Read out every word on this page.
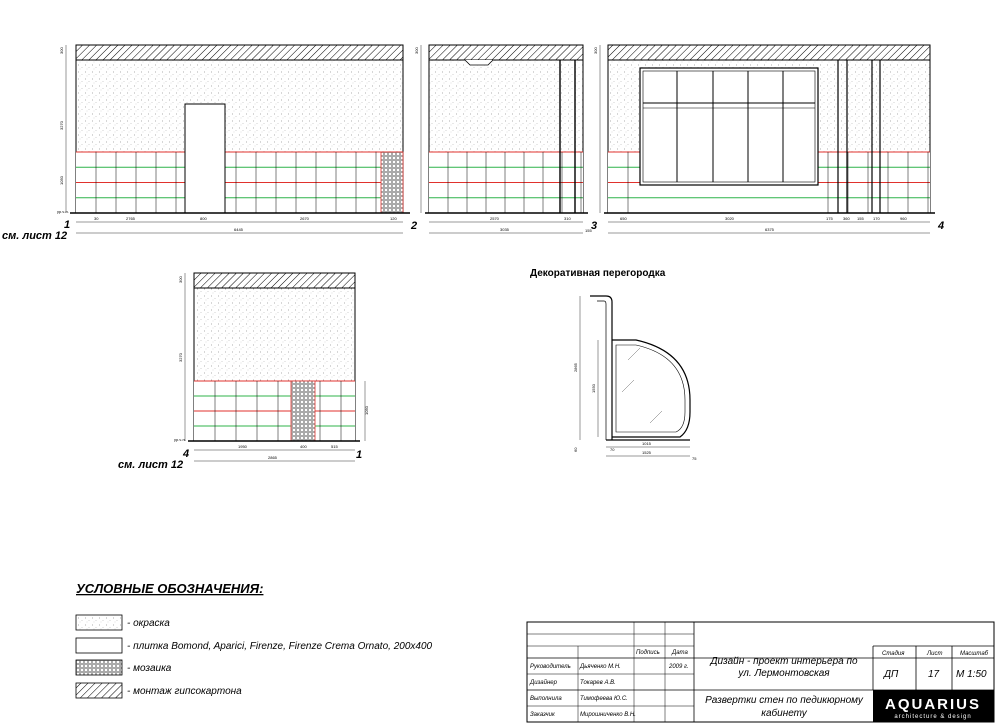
300
3270
1050
30	2765	800	2670	120
6445
ур.ч.п.
1	2
см. лист 12
300
2570	310
3035	155 3
300
650	3020	175	360 155 170	960
6375	4
300
3270
1050
1950	400	515
2865
ур.ч.п.
4	1
см. лист 12
Декоративная перегородка
2865
1550
60
1015
1525
70
75
УСЛОВНЫЕ ОБОЗНАЧЕНИЯ:
- окраска
- плитка Bomond, Aparici, Firenze, Firenze Crema Ornato, 200x400
- мозаика
- монтаж гипсокартона
Подпись Дата
Руководитель Дьяченко М.Н.	2009 г.
Дизайнер	Токарев А.В.
Выполнила	Тимофеева Ю.С.
Заказчик	Мирошниченко В.Н.
Дизайн - проект интерьера по
ул. Лермонтовская
Развертки стен по педикюрному
кабинету
Стадия	Лист	Масштаб
ДП	17 М 1:50
AQUARIUS
architecture & design
